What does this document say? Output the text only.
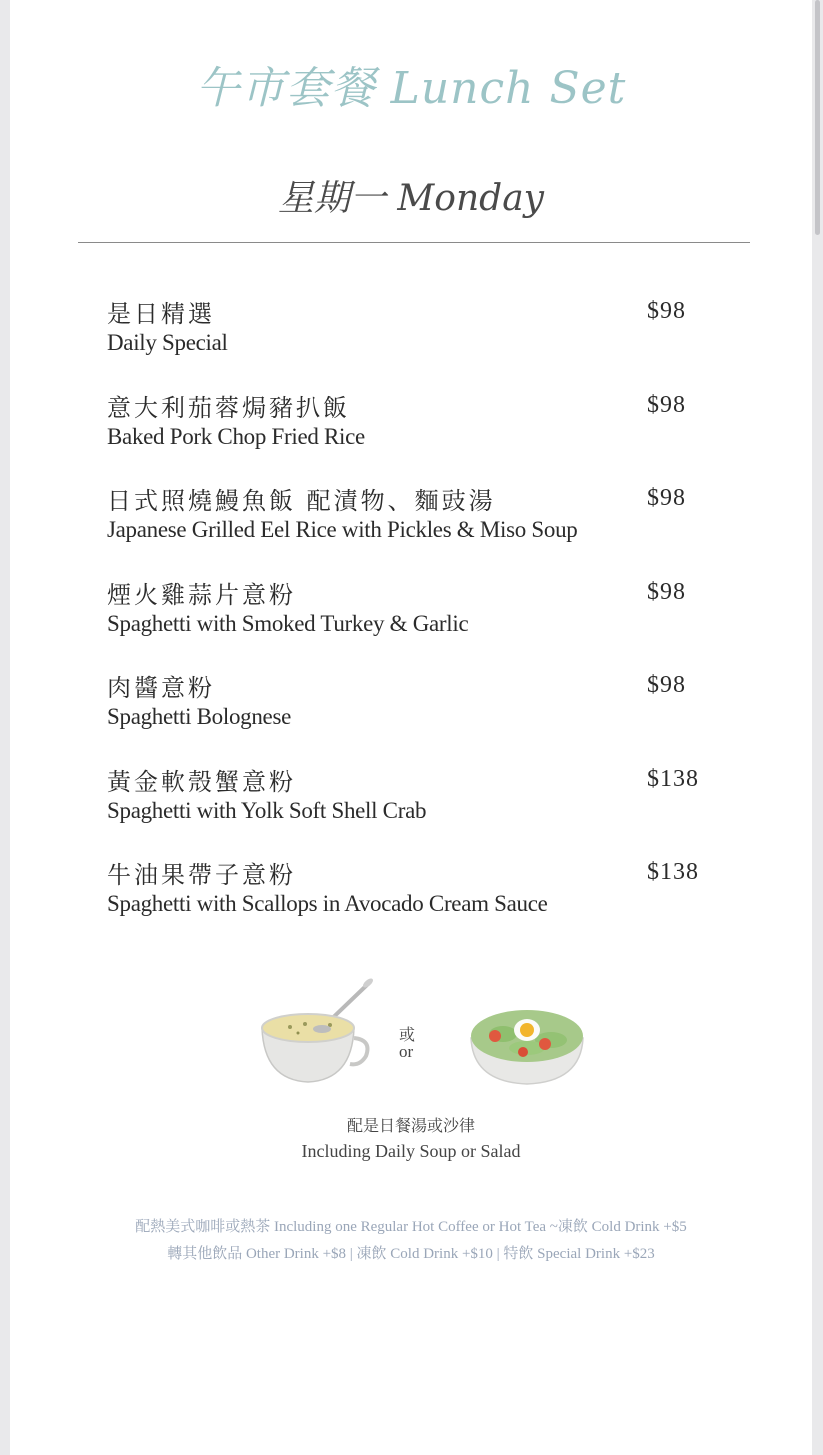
午市套餐 Lunch Set
星期一 Monday
是日精選
Daily Special
$98
意大利茄蓉焗豬扒飯
Baked Pork Chop Fried Rice
$98
日式照燒鰻魚飯 配漬物、麵豉湯
Japanese Grilled Eel Rice with Pickles & Miso Soup
$98
煙火雞蒜片意粉
Spaghetti with Smoked Turkey & Garlic
$98
肉醬意粉
Spaghetti Bolognese
$98
黃金軟殼蟹意粉
Spaghetti with Yolk Soft Shell Crab
$138
牛油果帶子意粉
Spaghetti with Scallops in Avocado Cream Sauce
$138
或
or
配是日餐湯或沙律
Including Daily Soup or Salad
配熱美式咖啡或熱茶 Including one Regular Hot Coffee or Hot Tea ~凍飲 Cold Drink +$5
轉其他飲品 Other Drink +$8 | 凍飲 Cold Drink +$10 | 特飲 Special Drink +$23
